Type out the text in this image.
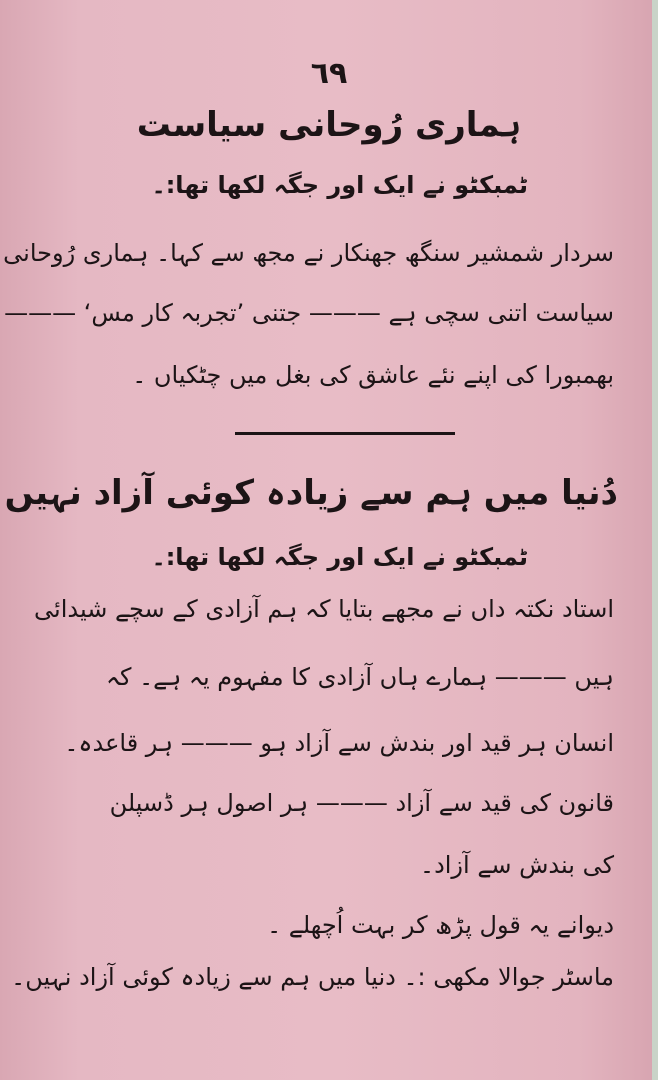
٦٩
ہماری رُوحانی سیاست
ٹمبکٹو نے ایک اور جگہ لکھا تھا:۔
سردار شمشیر سنگھ جھنکار نے مجھ سے کہا۔ ہماری رُوحانی
سیاست اتنی سچی ہے ——— جتنی ’تجربہ کار مس‘ ———
بھمبورا کی اپنے نئے عاشق کی بغل میں چٹکیاں ۔
دُنیا میں ہم سے زیادہ کوئی آزاد نہیں
ٹمبکٹو نے ایک اور جگہ لکھا تھا:۔
استاد نکتہ داں نے مجھے بتایا کہ ہم آزادی کے سچے شیدائی
ہیں ——— ہمارے ہاں آزادی کا مفہوم یہ ہے۔ کہ
انسان ہر قید اور بندش سے آزاد ہو ——— ہر قاعدہ۔
قانون کی قید سے آزاد ——— ہر اصول ہر ڈسپلن
کی بندش سے آزاد۔
دیوانے یہ قول پڑھ کر بہت اُچھلے ۔
ماسٹر جوالا مکھی :۔ دنیا میں ہم سے زیادہ کوئی آزاد نہیں۔
